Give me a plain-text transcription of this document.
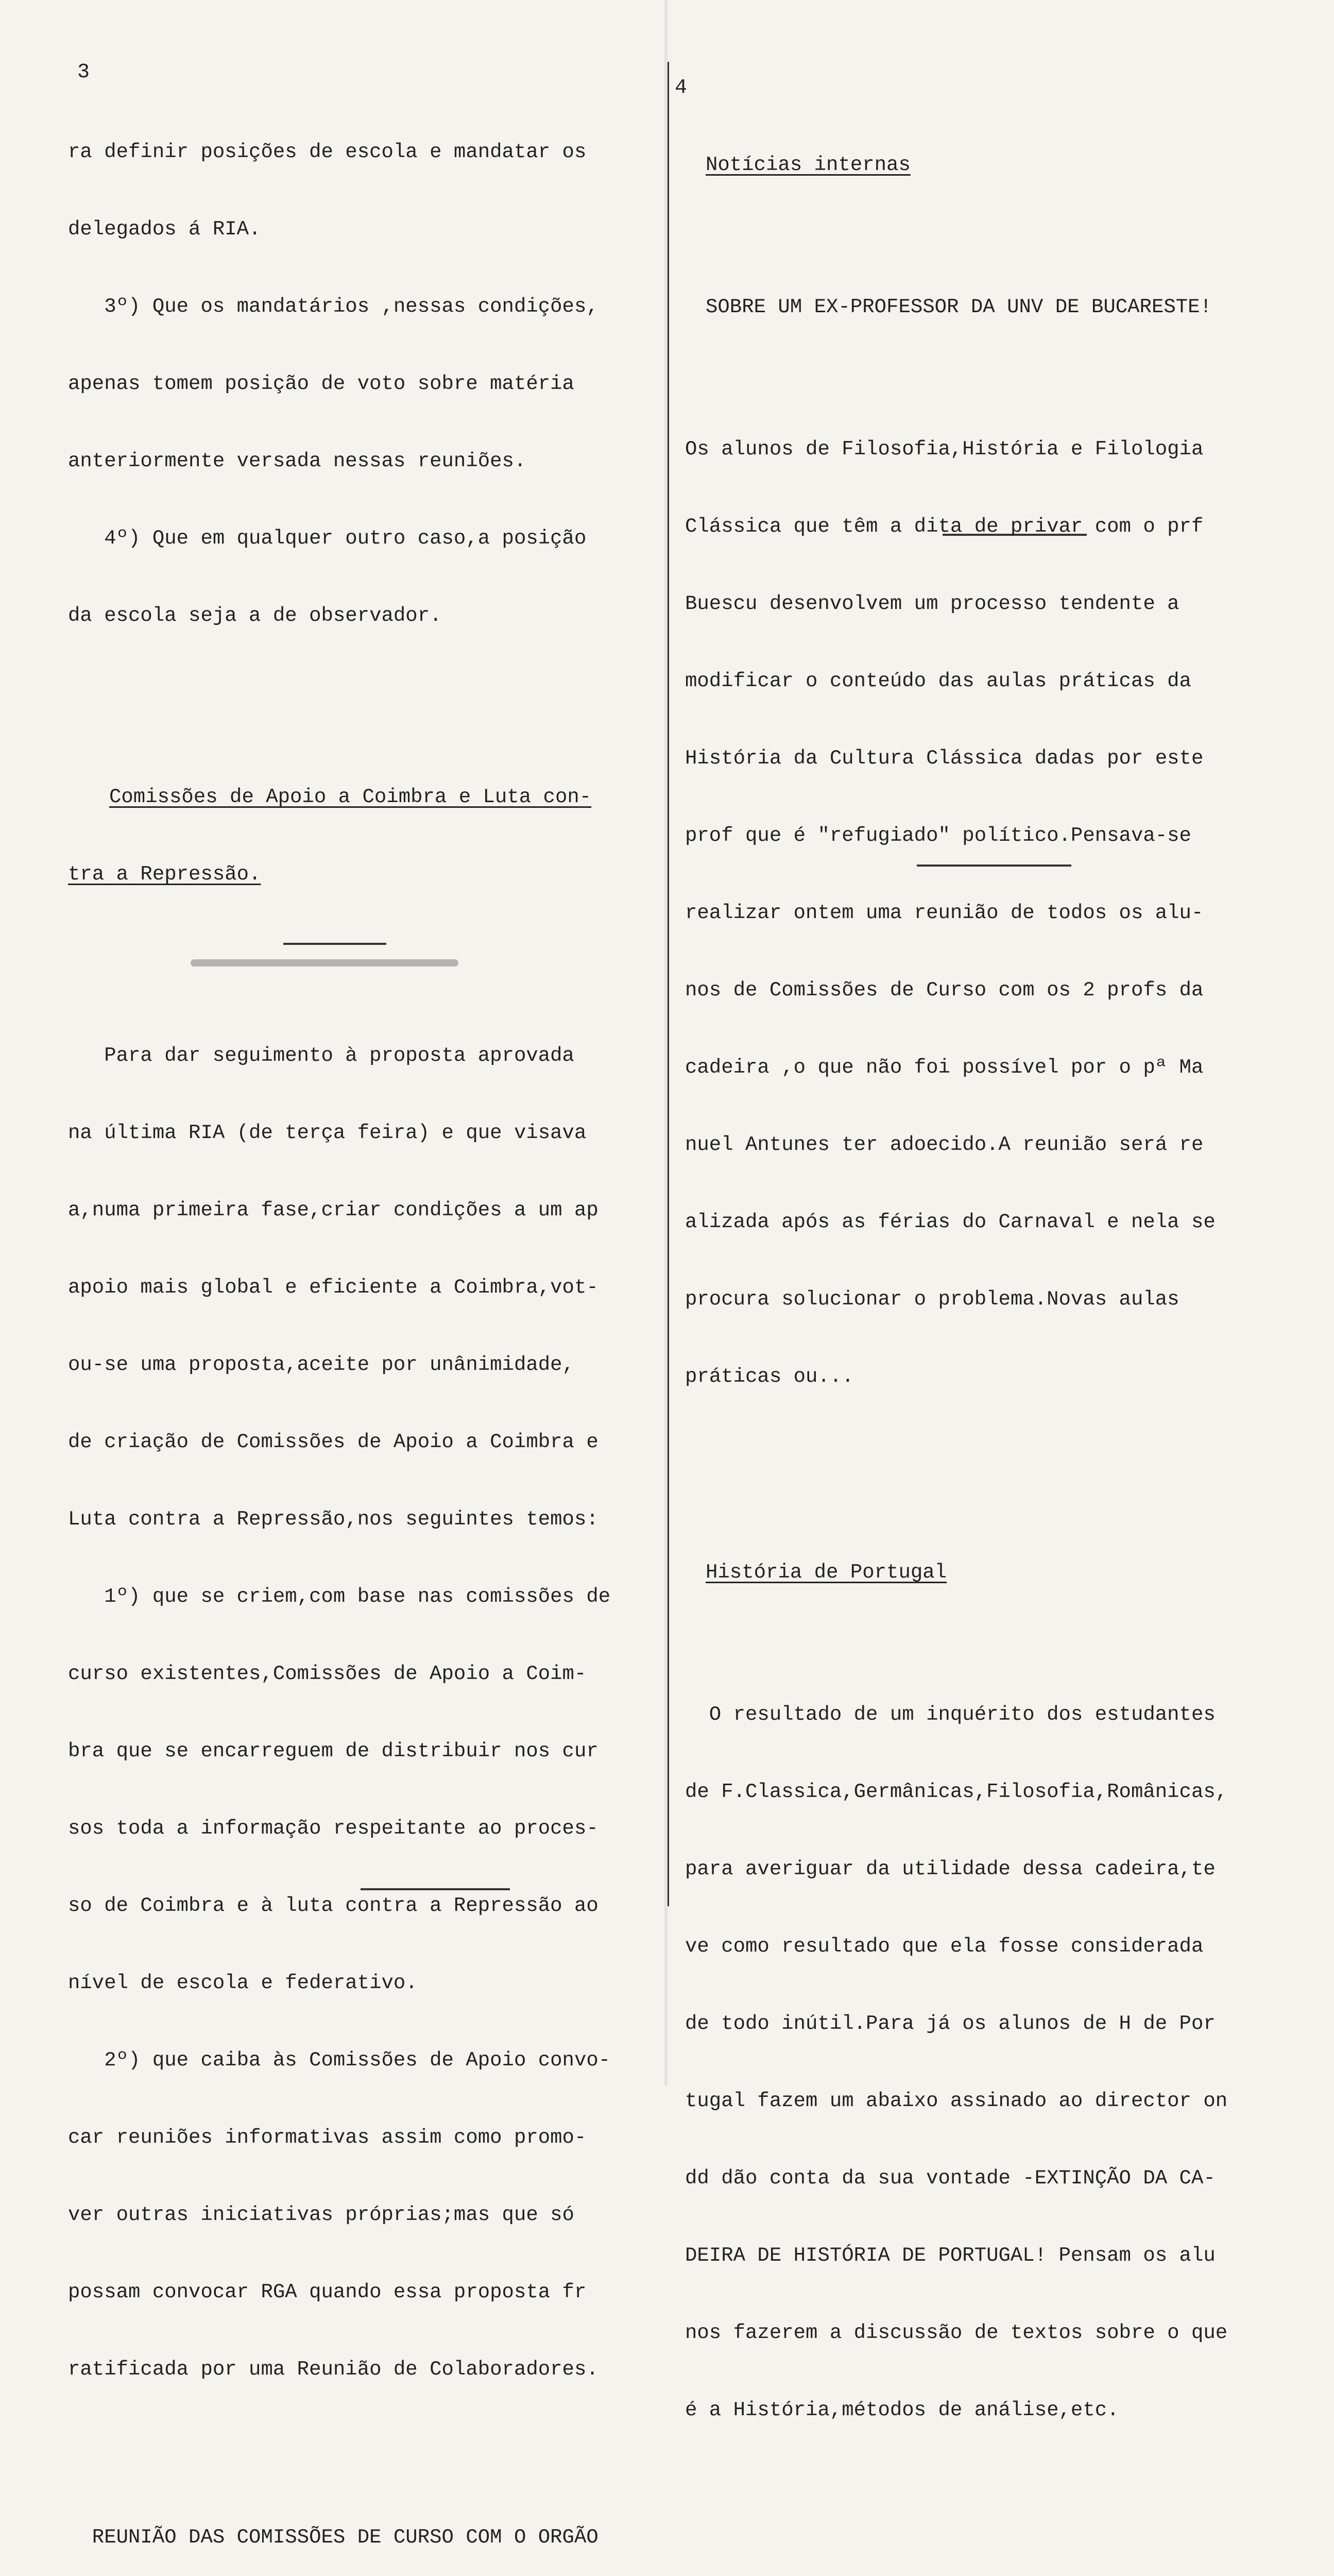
3
4

ra definir posições de escola e mandatar os

delegados á RIA.

3º) Que os mandatários ,nessas condições,

apenas tomem posição de voto sobre matéria

anteriormente versada nessas reuniões.

4º) Que em qualquer outro caso,a posição

da escola seja a de observador.

Comissões de Apoio a Coimbra e Luta con-

tra a Repressão.

Para dar seguimento à proposta aprovada

na última RIA (de terça feira) e que visava

a,numa primeira fase,criar condições a um ap

apoio mais global e eficiente a Coimbra,vot-

ou-se uma proposta,aceite por unânimidade,

de criação de Comissões de Apoio a Coimbra e

Luta contra a Repressão,nos seguintes temos:

1º) que se criem,com base nas comissões de

curso existentes,Comissões de Apoio a Coim-

bra que se encarreguem de distribuir nos cur

sos toda a informação respeitante ao proces-

so de Coimbra e à luta contra a Repressão ao

nível de escola e federativo.

2º) que caiba às Comissões de Apoio convo-

car reuniões informativas assim como promo-

ver outras iniciativas próprias;mas que só

possam convocar RGA quando essa proposta fr

ratificada por uma Reunião de Colaboradores.

REUNIÃO DAS COMISSÕES DE CURSO COM O ORGÃO

Notícias internas

SOBRE UM EX-PROFESSOR DA UNV DE BUCARESTE!

Os alunos de Filosofia,História e Filologia

Clássica que têm a dita de privar com o prf

Buescu desenvolvem um processo tendente a

modificar o conteúdo das aulas práticas da

História da Cultura Clássica dadas por este

prof que é "refugiado" político.Pensava-se

realizar ontem uma reunião de todos os alu-

nos de Comissões de Curso com os 2 profs da

cadeira ,o que não foi possível por o pª Ma

nuel Antunes ter adoecido.A reunião será re

alizada após as férias do Carnaval e nela se

procura solucionar o problema.Novas aulas

práticas ou...

História de Portugal

O resultado de um inquérito dos estudantes

de F.Classica,Germânicas,Filosofia,Românicas,

para averiguar da utilidade dessa cadeira,te

ve como resultado que ela fosse considerada

de todo inútil.Para já os alunos de H de Por

tugal fazem um abaixo assinado ao director on

dd dão conta da sua vontade -EXTINÇÃO DA CA-

DEIRA DE HISTÓRIA DE PORTUGAL! Pensam os alu

nos fazerem a discussão de textos sobre o que

é a História,métodos de análise,etc.
